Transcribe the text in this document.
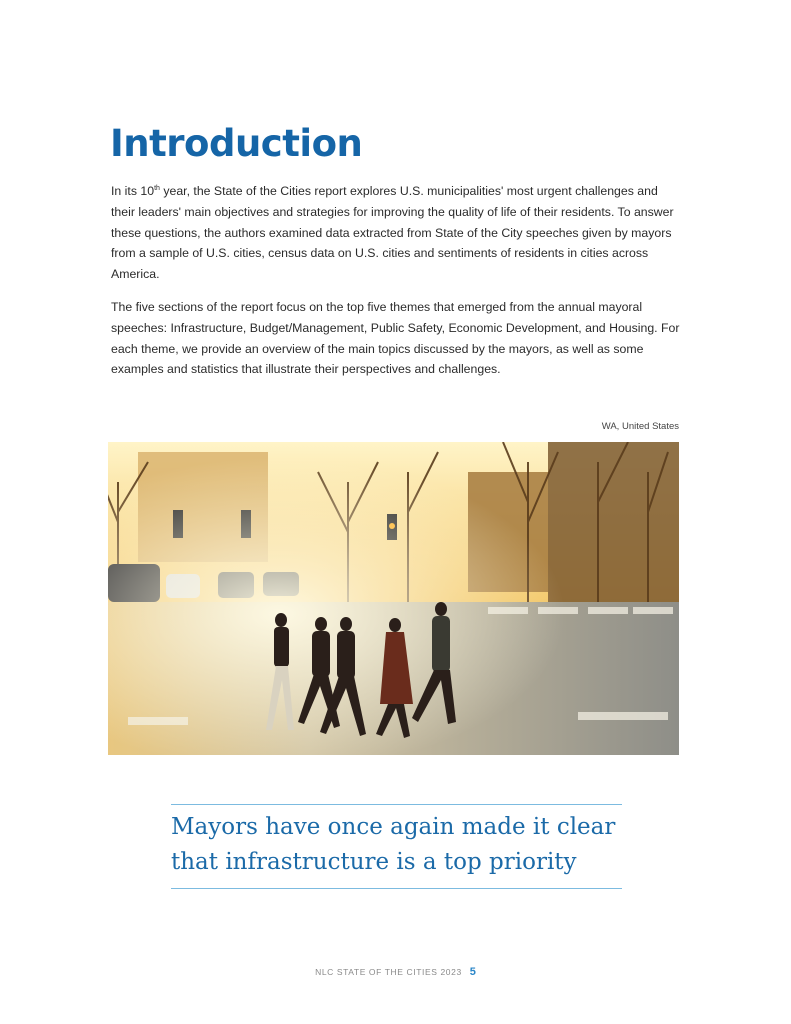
Introduction

In its 10th year, the State of the Cities report explores U.S. municipalities' most urgent challenges and their leaders' main objectives and strategies for improving the quality of life of their residents. To answer these questions, the authors examined data extracted from State of the City speeches given by mayors from a sample of U.S. cities, census data on U.S. cities and sentiments of residents in cities across America.

The five sections of the report focus on the top five themes that emerged from the annual mayoral speeches: Infrastructure, Budget/Management, Public Safety, Economic Development, and Housing. For each theme, we provide an overview of the main topics discussed by the mayors, as well as some examples and statistics that illustrate their perspectives and challenges.

WA, United States

Mayors have once again made it clear that infrastructure is a top priority

NLC STATE OF THE CITIES 2023 5
